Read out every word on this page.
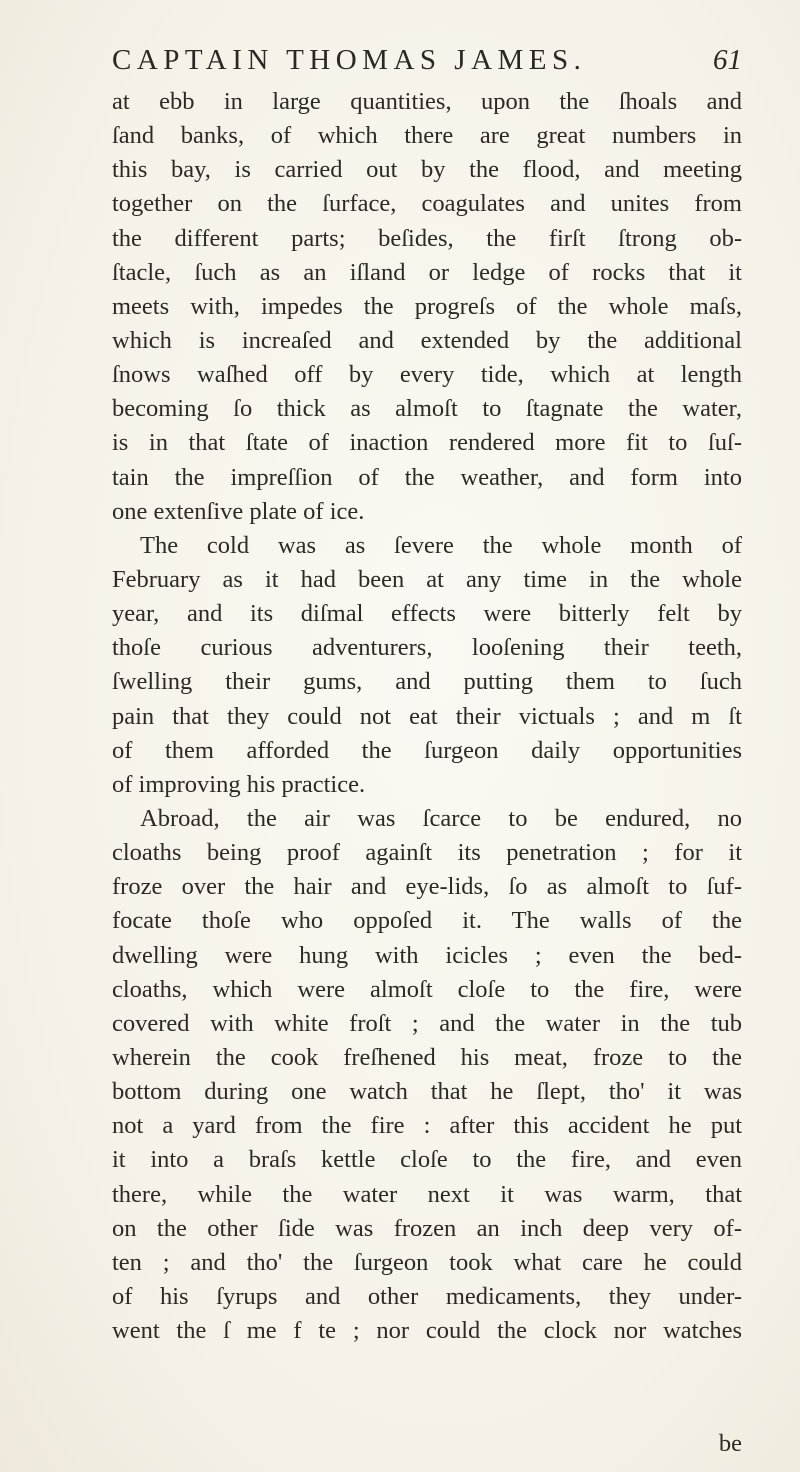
CAPTAIN THOMAS JAMES.	61
at ebb in large quantities, upon the ſhoals and
ſand banks, of which there are great numbers in
this bay, is carried out by the flood, and meeting
together on the ſurface, coagulates and unites from
the different parts; beſides, the firſt ſtrong ob-
ſtacle, ſuch as an iſland or ledge of rocks that it
meets with, impedes the progreſs of the whole maſs,
which is increaſed and extended by the additional
ſnows waſhed off by every tide, which at length
becoming ſo thick as almoſt to ſtagnate the water,
is in that ſtate of inaction rendered more fit to ſuſ-
tain the impreſſion of the weather, and form into
one extenſive plate of ice.
The cold was as ſevere the whole month of
February as it had been at any time in the whole
year, and its diſmal effects were bitterly felt by
thoſe curious adventurers, looſening their teeth,
ſwelling their gums, and putting them to ſuch
pain that they could not eat their victuals ; and m ſt
of them afforded the ſurgeon daily opportunities
of improving his practice.
Abroad, the air was ſcarce to be endured, no
cloaths being proof againſt its penetration ; for it
froze over the hair and eye-lids, ſo as almoſt to ſuf-
focate thoſe who oppoſed it. The walls of the
dwelling were hung with icicles ; even the bed-
cloaths, which were almoſt cloſe to the fire, were
covered with white froſt ; and the water in the tub
wherein the cook freſhened his meat, froze to the
bottom during one watch that he ſlept, tho' it was
not a yard from the fire : after this accident he put
it into a braſs kettle cloſe to the fire, and even
there, while the water next it was warm, that
on the other ſide was frozen an inch deep very of-
ten ; and tho' the ſurgeon took what care he could
of his ſyrups and other medicaments, they under-
went the ſ me f te ; nor could the clock nor watches
be
